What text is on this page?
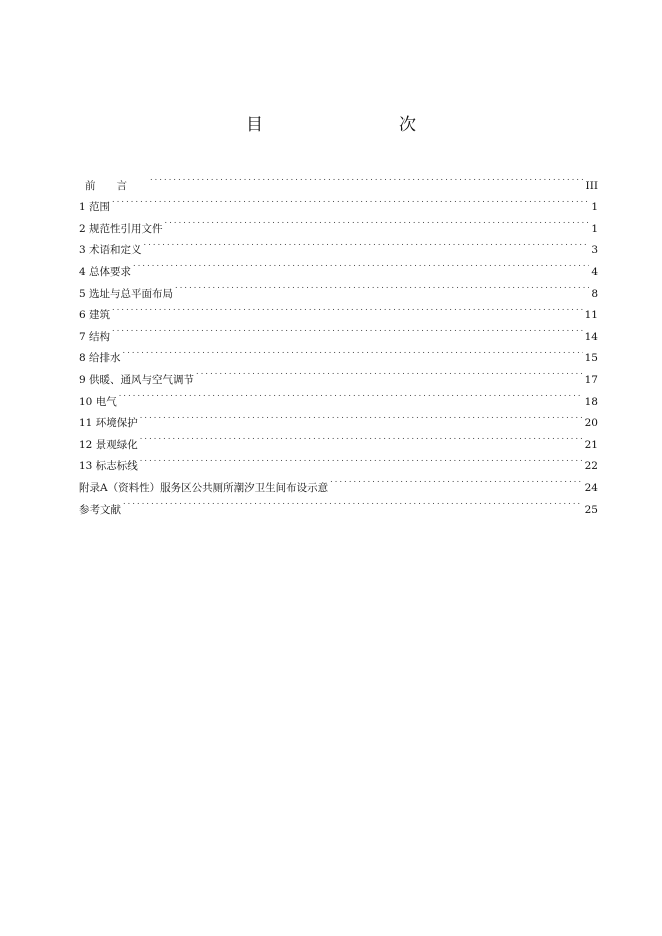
目　　次
前言 . . .	III
1 范围 . . .	1
2 规范性引用文件 . . .	1
3 术语和定义 . . .	3
4 总体要求 . . .	4
5 选址与总平面布局 . . .	8
6 建筑 . . .	11
7 结构 . . .	14
8 给排水 . . .	15
9 供暖、通风与空气调节 . . .	17
10 电气 . . .	18
11 环境保护 . . .	20
12 景观绿化 . . .	21
13 标志标线 . . .	22
附录A（资料性）服务区公共厕所潮汐卫生间布设示意 . . .	24
参考文献 . . .	25
